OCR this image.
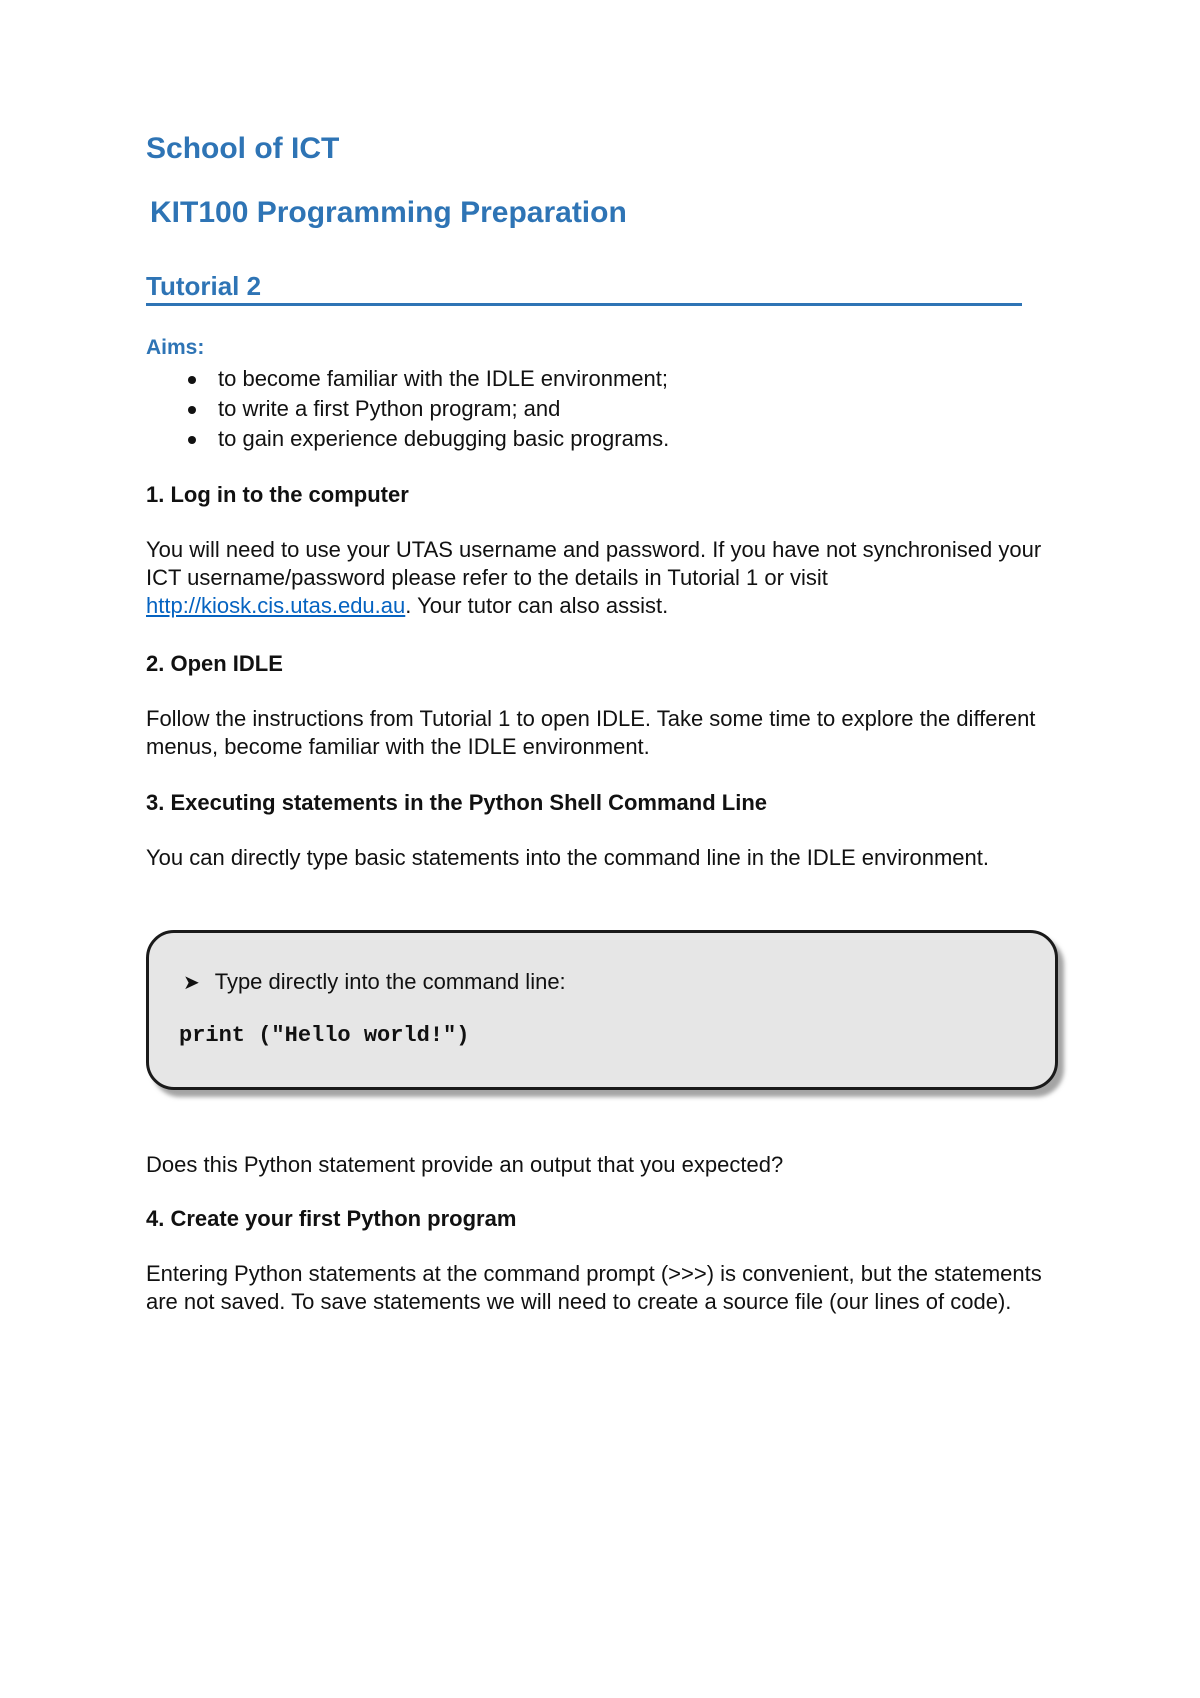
School of ICT
KIT100 Programming Preparation
Tutorial 2
Aims:
to become familiar with the IDLE environment;
to write a first Python program; and
to gain experience debugging basic programs.
1. Log in to the computer

You will need to use your UTAS username and password. If you have not synchronised your ICT username/password please refer to the details in Tutorial 1 or visit http://kiosk.cis.utas.edu.au. Your tutor can also assist.

2. Open IDLE

Follow the instructions from Tutorial 1 to open IDLE. Take some time to explore the different menus, become familiar with the IDLE environment.

3. Executing statements in the Python Shell Command Line

You can directly type basic statements into the command line in the IDLE environment.

➤ Type directly into the command line:
print ("Hello world!")
Does this Python statement provide an output that you expected?
4. Create your first Python program

Entering Python statements at the command prompt (>>>) is convenient, but the statements are not saved. To save statements we will need to create a source file (our lines of code).
